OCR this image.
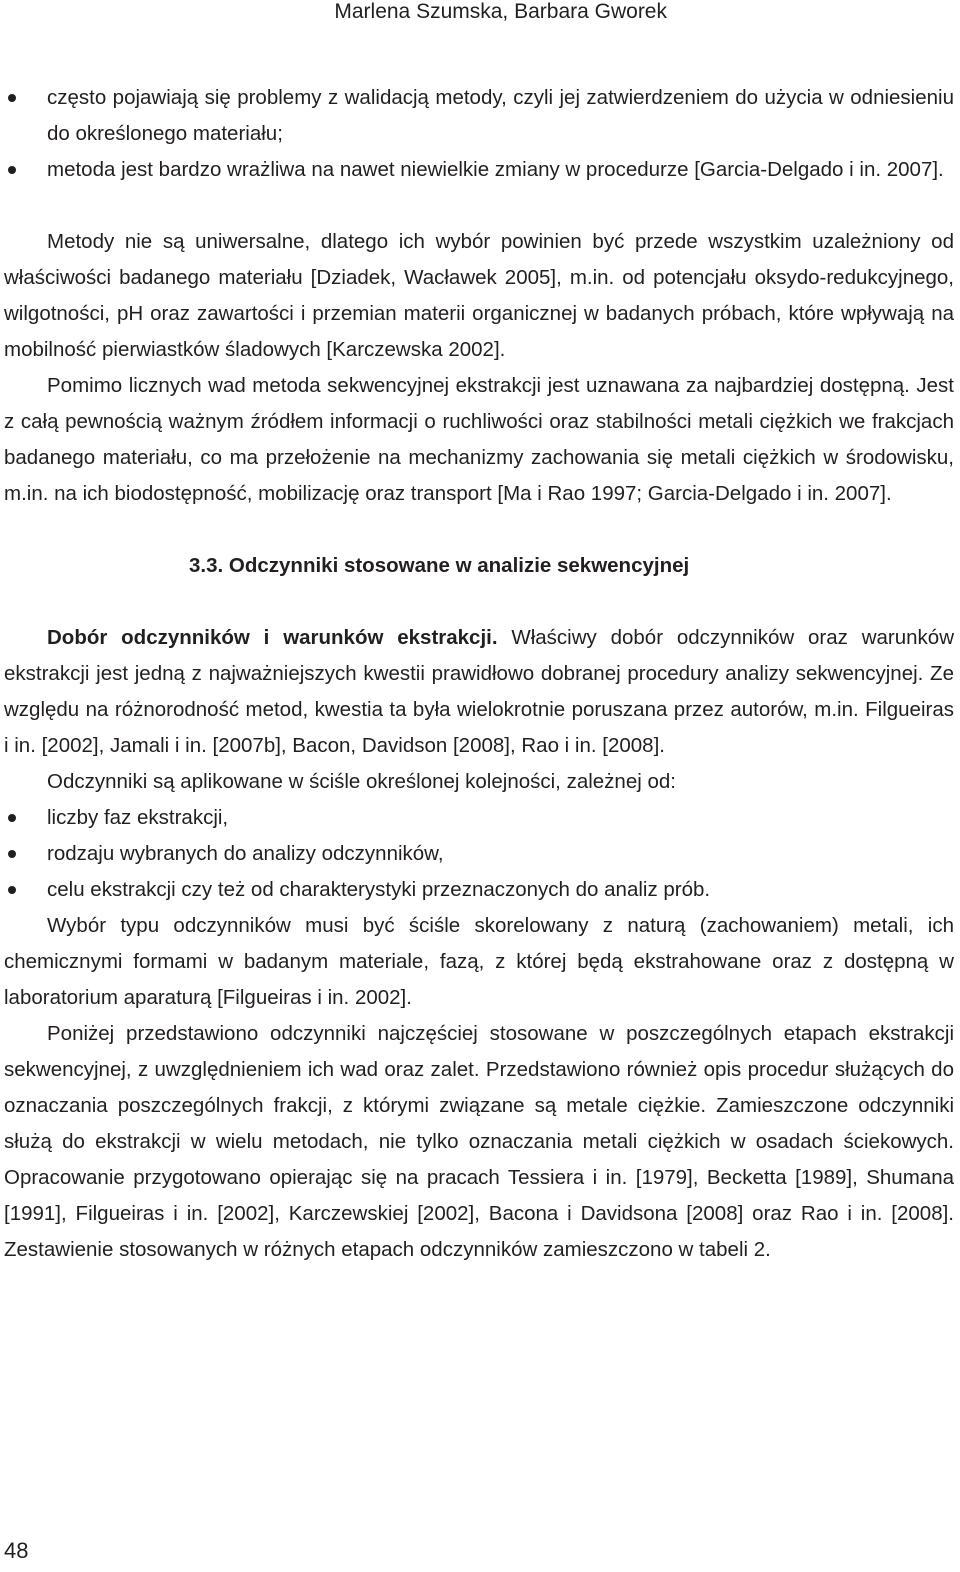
Marlena Szumska, Barbara Gworek
często pojawiają się problemy z walidacją metody, czyli jej zatwierdzeniem do użycia w odniesieniu do określonego materiału;
metoda jest bardzo wrażliwa na nawet niewielkie zmiany w procedurze [Garcia-Delgado i in. 2007].

Metody nie są uniwersalne, dlatego ich wybór powinien być przede wszystkim uzależniony od właściwości badanego materiału [Dziadek, Wacławek 2005], m.in. od potencjału oksydo-redukcyjnego, wilgotności, pH oraz zawartości i przemian materii organicznej w badanych próbach, które wpływają na mobilność pierwiastków śladowych [Karczewska 2002].

Pomimo licznych wad metoda sekwencyjnej ekstrakcji jest uznawana za najbardziej dostępną. Jest z całą pewnością ważnym źródłem informacji o ruchliwości oraz stabilności metali ciężkich we frakcjach badanego materiału, co ma przełożenie na mechanizmy zachowania się metali ciężkich w środowisku, m.in. na ich biodostępność, mobilizację oraz transport [Ma i Rao 1997; Garcia-Delgado i in. 2007].

3.3. Odczynniki stosowane w analizie sekwencyjnej

Dobór odczynników i warunków ekstrakcji. Właściwy dobór odczynników oraz warunków ekstrakcji jest jedną z najważniejszych kwestii prawidłowo dobranej procedury analizy sekwencyjnej. Ze względu na różnorodność metod, kwestia ta była wielokrotnie poruszana przez autorów, m.in. Filgueiras i in. [2002], Jamali i in. [2007b], Bacon, Davidson [2008], Rao i in. [2008].

Odczynniki są aplikowane w ściśle określonej kolejności, zależnej od:

liczby faz ekstrakcji,
rodzaju wybranych do analizy odczynników,
celu ekstrakcji czy też od charakterystyki przeznaczonych do analiz prób.

Wybór typu odczynników musi być ściśle skorelowany z naturą (zachowaniem) metali, ich chemicznymi formami w badanym materiale, fazą, z której będą ekstrahowane oraz z dostępną w laboratorium aparaturą [Filgueiras i in. 2002].

Poniżej przedstawiono odczynniki najczęściej stosowane w poszczególnych etapach ekstrakcji sekwencyjnej, z uwzględnieniem ich wad oraz zalet. Przedstawiono również opis procedur służących do oznaczania poszczególnych frakcji, z którymi związane są metale ciężkie. Zamieszczone odczynniki służą do ekstrakcji w wielu metodach, nie tylko oznaczania metali ciężkich w osadach ściekowych. Opracowanie przygotowano opierając się na pracach Tessiera i in. [1979], Becketta [1989], Shumana [1991], Filgueiras i in. [2002], Karczewskiej [2002], Bacona i Davidsona [2008] oraz Rao i in. [2008]. Zestawienie stosowanych w różnych etapach odczynników zamieszczono w tabeli 2.

48
